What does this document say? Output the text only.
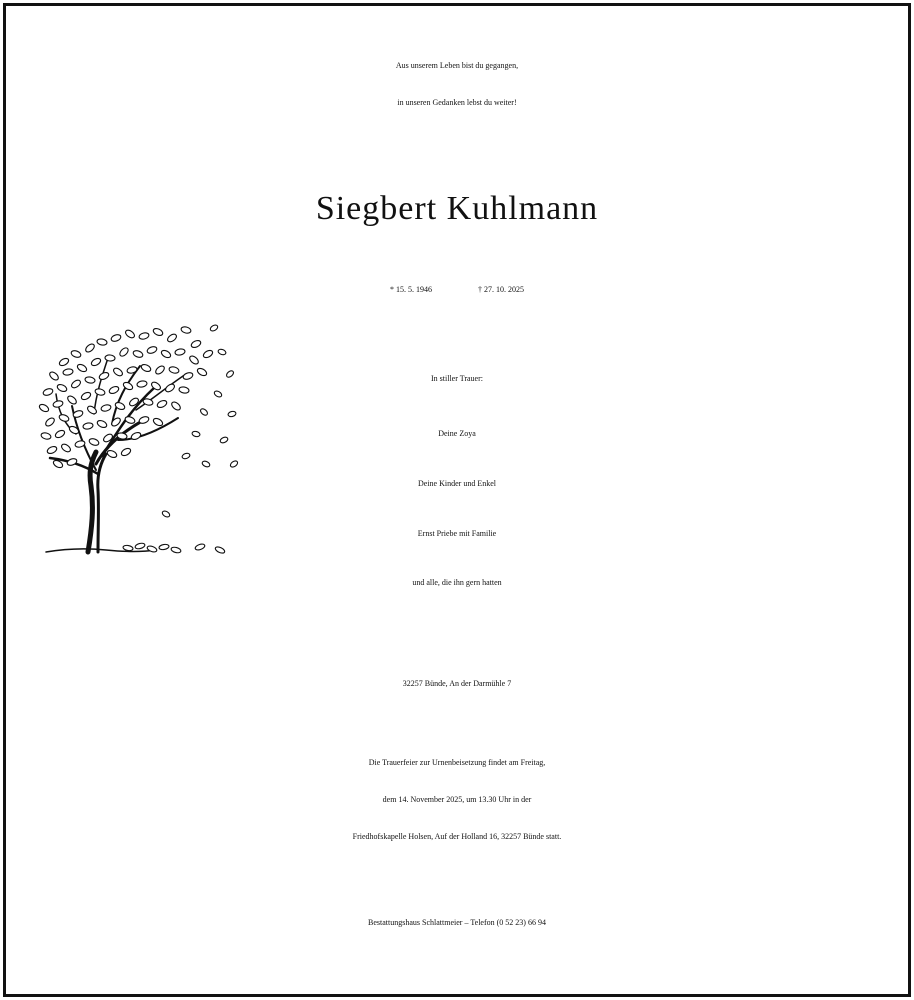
Aus unserem Leben bist du gegangen,
in unseren Gedanken lebst du weiter!
Siegbert Kuhlmann
* 15. 5. 1946	† 27. 10. 2025
In stiller Trauer:
Deine Zoya
Deine Kinder und Enkel
Ernst Priebe mit Familie
und alle, die ihn gern hatten
32257 Bünde, An der Darmühle 7
Die Trauerfeier zur Urnenbeisetzung findet am Freitag,
dem 14. November 2025, um 13.30 Uhr in der
Friedhofskapelle Holsen, Auf der Holland 16, 32257 Bünde statt.
Bestattungshaus Schlattmeier – Telefon (0 52 23) 66 94
